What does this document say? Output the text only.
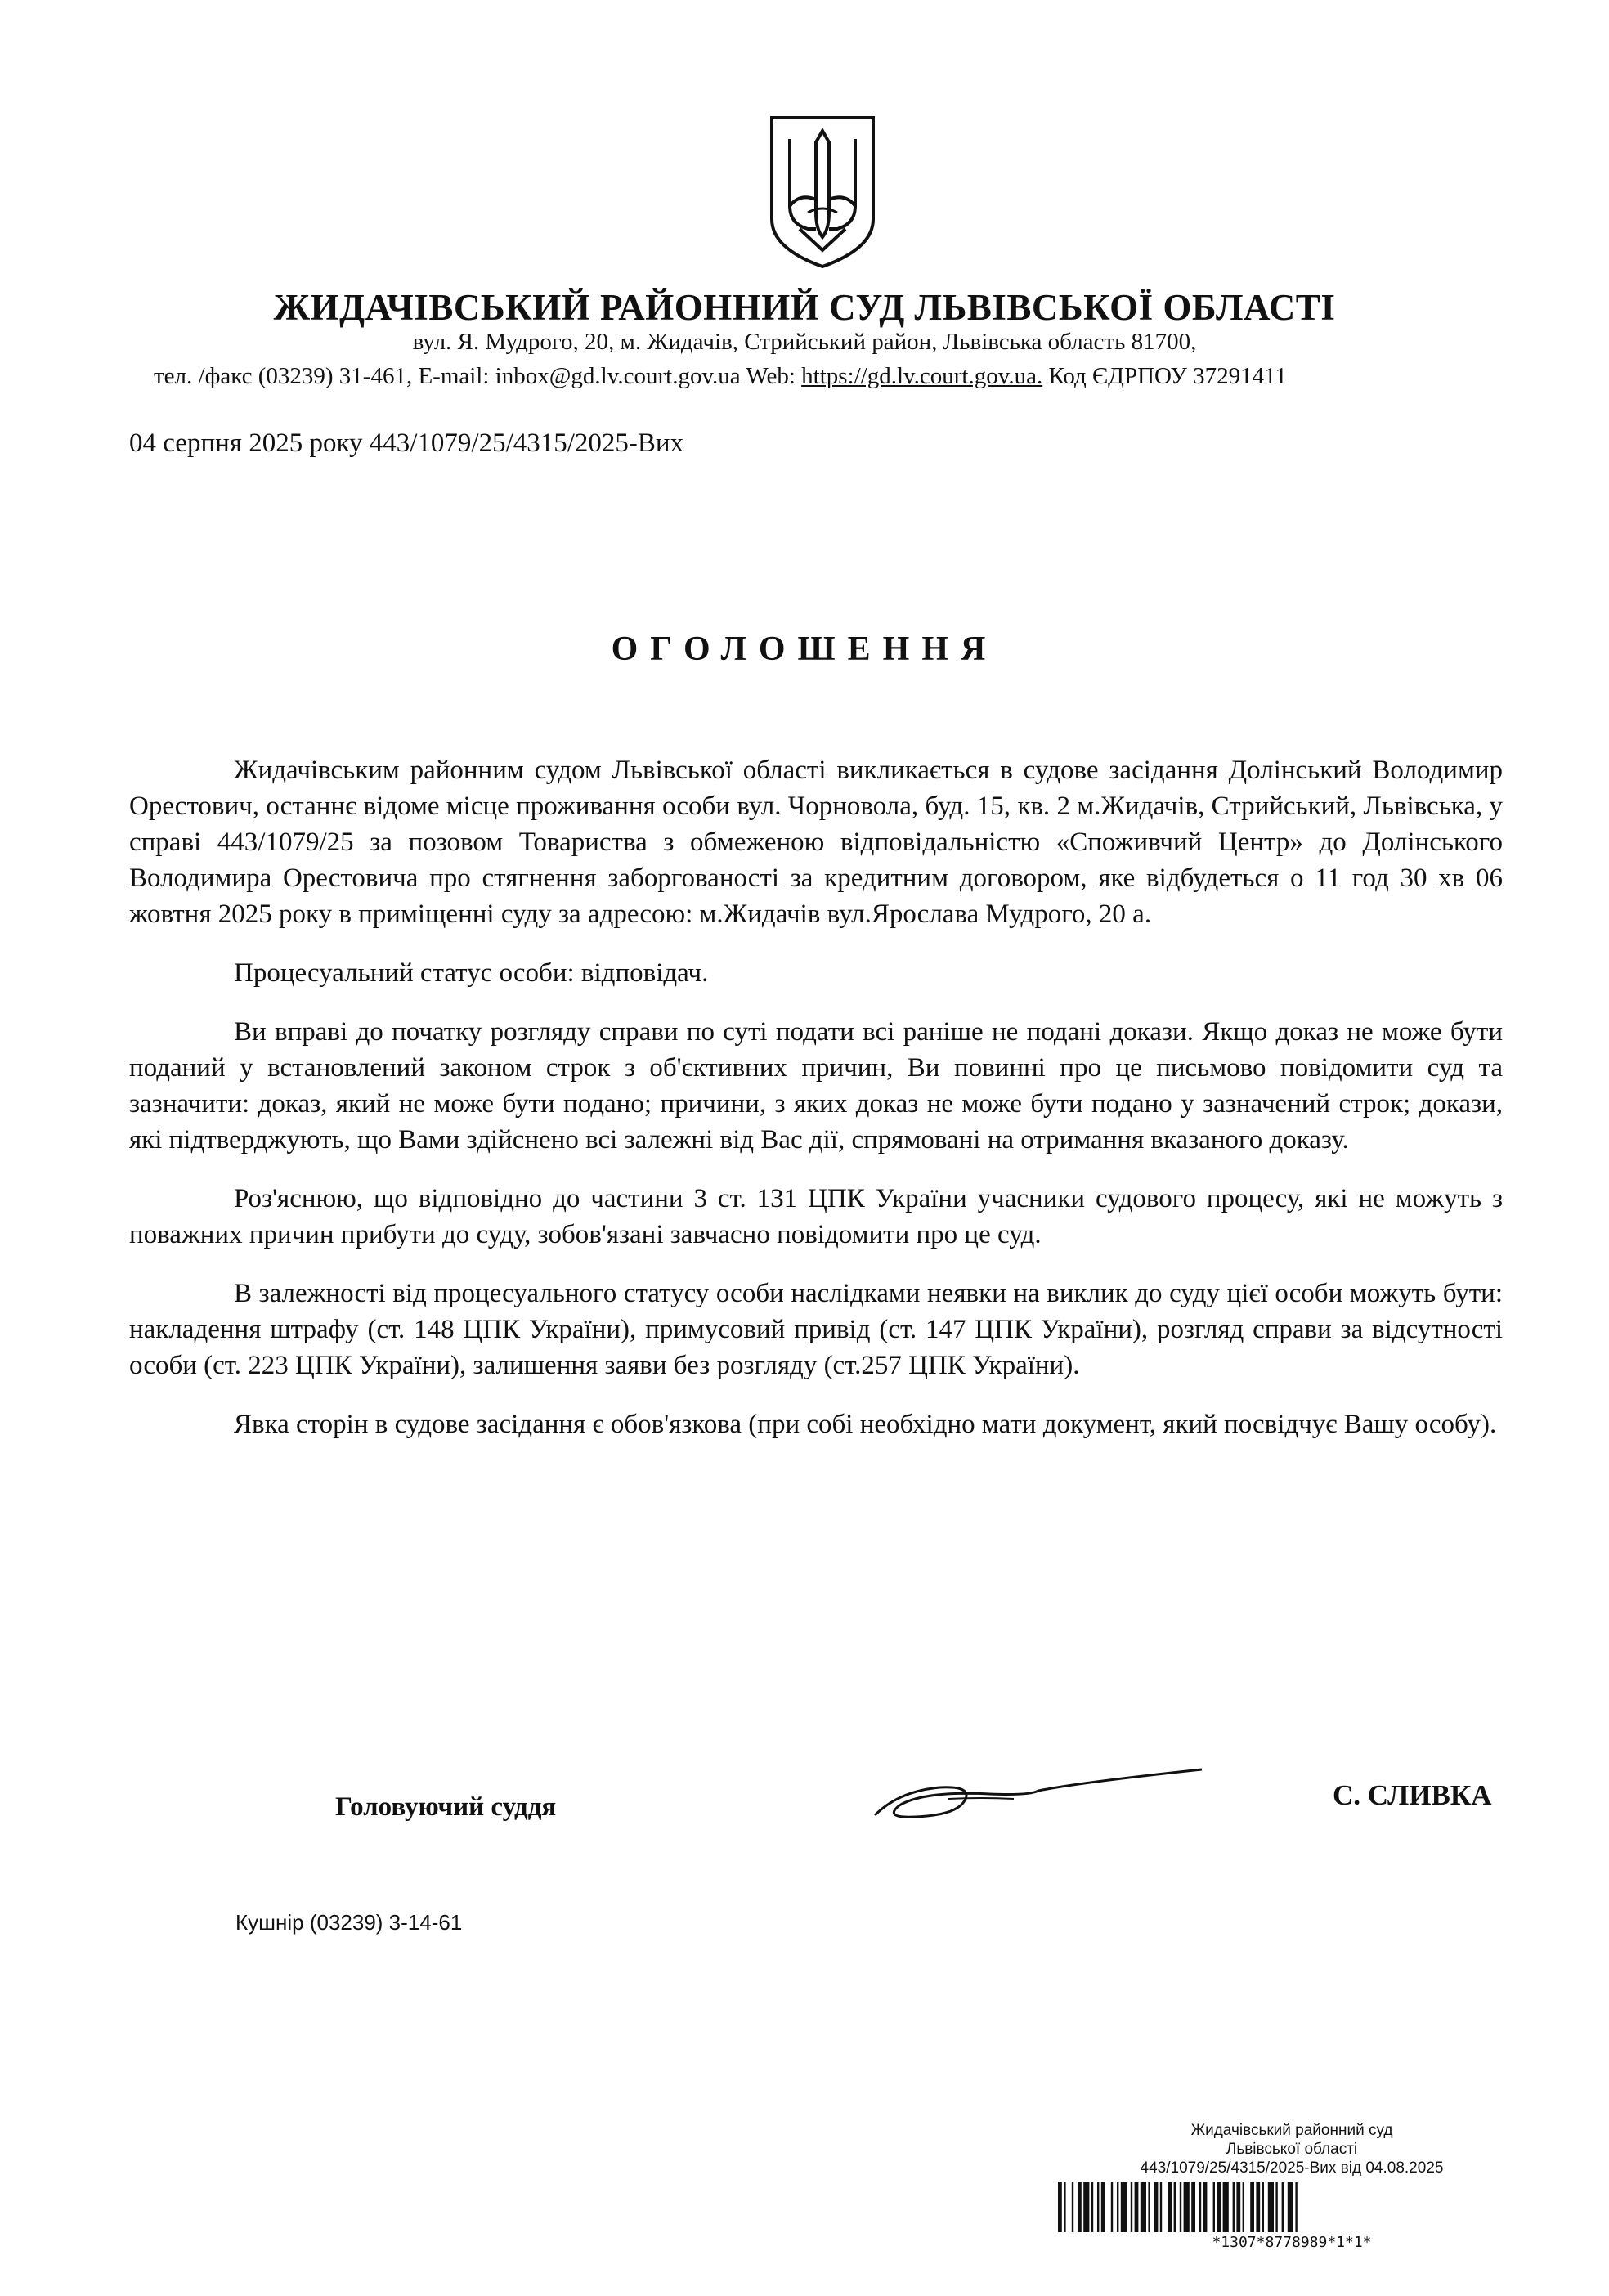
ЖИДАЧІВСЬКИЙ РАЙОННИЙ СУД ЛЬВІВСЬКОЇ ОБЛАСТІ
вул. Я. Мудрого, 20, м. Жидачів, Стрийський район, Львівська область 81700,
тел. /факс (03239) 31-461, E-mail: inbox@gd.lv.court.gov.ua Web: https://gd.lv.court.gov.ua. Код ЄДРПОУ 37291411
04 серпня 2025 року 443/1079/25/4315/2025-Вих
ОГОЛОШЕННЯ

Жидачівським районним судом Львівської області викликається в судове засідання Долінський Володимир Орестович, останнє відоме місце проживання особи вул. Чорновола, буд. 15, кв. 2 м.Жидачів, Стрийський, Львівська, у справі 443/1079/25 за позовом Товариства з обмеженою відповідальністю «Споживчий Центр» до Долінського Володимира Орестовича про стягнення заборгованості за кредитним договором, яке відбудеться о 11 год 30 хв 06 жовтня 2025 року в приміщенні суду за адресою: м.Жидачів вул.Ярослава Мудрого, 20 а.

Процесуальний статус особи: відповідач.

Ви вправі до початку розгляду справи по суті подати всі раніше не подані докази. Якщо доказ не може бути поданий у встановлений законом строк з об'єктивних причин, Ви повинні про це письмово повідомити суд та зазначити: доказ, який не може бути подано; причини, з яких доказ не може бути подано у зазначений строк; докази, які підтверджують, що Вами здійснено всі залежні від Вас дії, спрямовані на отримання вказаного доказу.

Роз'яснюю, що відповідно до частини 3 ст. 131 ЦПК України учасники судового процесу, які не можуть з поважних причин прибути до суду, зобов'язані завчасно повідомити про це суд.

В залежності від процесуального статусу особи наслідками неявки на виклик до суду цієї особи можуть бути: накладення штрафу (ст. 148 ЦПК України), примусовий привід (ст. 147 ЦПК України), розгляд справи за відсутності особи (ст. 223 ЦПК України), залишення заяви без розгляду (ст.257 ЦПК України).

Явка сторін в судове засідання є обов'язкова (при собі необхідно мати документ, який посвідчує Вашу особу).

Головуючий суддя	С. СЛИВКА
Кушнір (03239) 3-14-61
Жидачівський районний суд
Львівської області
443/1079/25/4315/2025-Вих від 04.08.2025
*1307*8778989*1*1*
